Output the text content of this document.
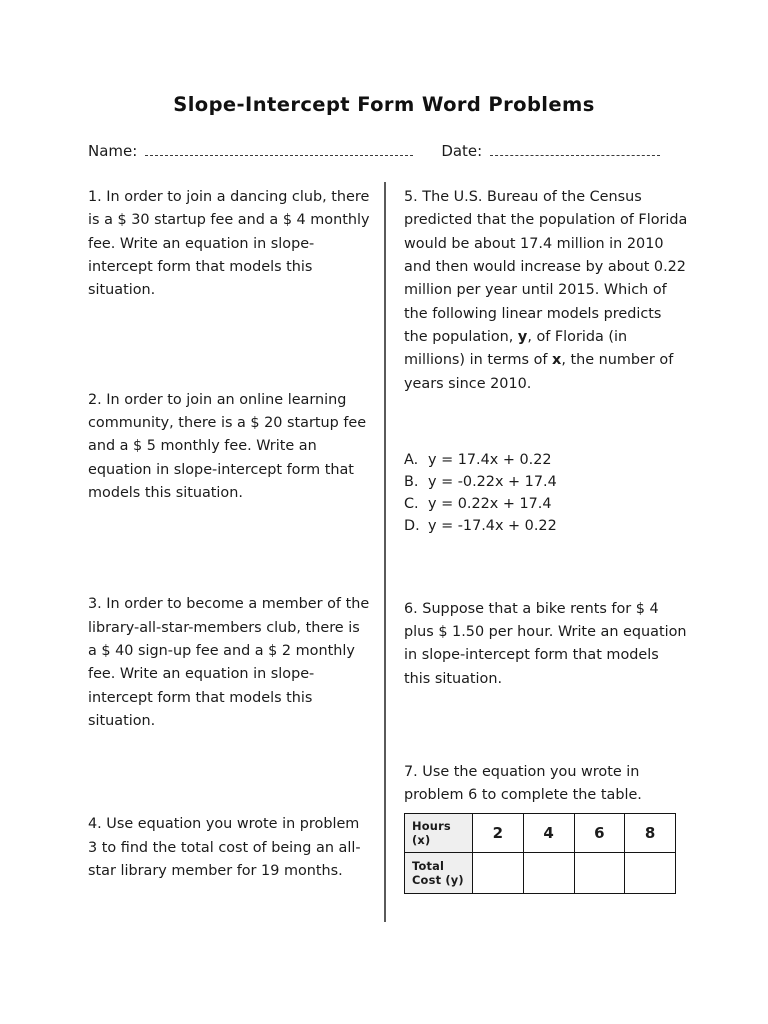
Slope-Intercept Form Word Problems
Name:	Date:

1. In order to join a dancing club, there is a $ 30 startup fee and a $ 4 monthly fee. Write an equation in slope-intercept form that models this situation.

2. In order to join an online learning community, there is a $ 20 startup fee and a $ 5 monthly fee. Write an equation in slope-intercept form that models this situation.

3. In order to become a member of the library-all-star-members club, there is a $ 40 sign-up fee and a $ 2 monthly fee. Write an equation in slope-intercept form that models this situation.

4. Use equation you wrote in problem 3 to find the total cost of being an all-star library member for 19 months.

5. The U.S. Bureau of the Census predicted that the population of Florida would be about 17.4 million in 2010 and then would increase by about 0.22 million per year until 2015. Which of the following linear models predicts the population, y, of Florida (in millions) in terms of x, the number of years since 2010.

A. y = 17.4x + 0.22
B. y = -0.22x + 17.4
C. y = 0.22x + 17.4
D. y = -17.4x + 0.22

6. Suppose that a bike rents for $ 4 plus $ 1.50 per hour. Write an equation in slope-intercept form that models this situation.

7. Use the equation you wrote in problem 6 to complete the table.

Hours (x)	2	4	6	8
Total Cost (y)				
